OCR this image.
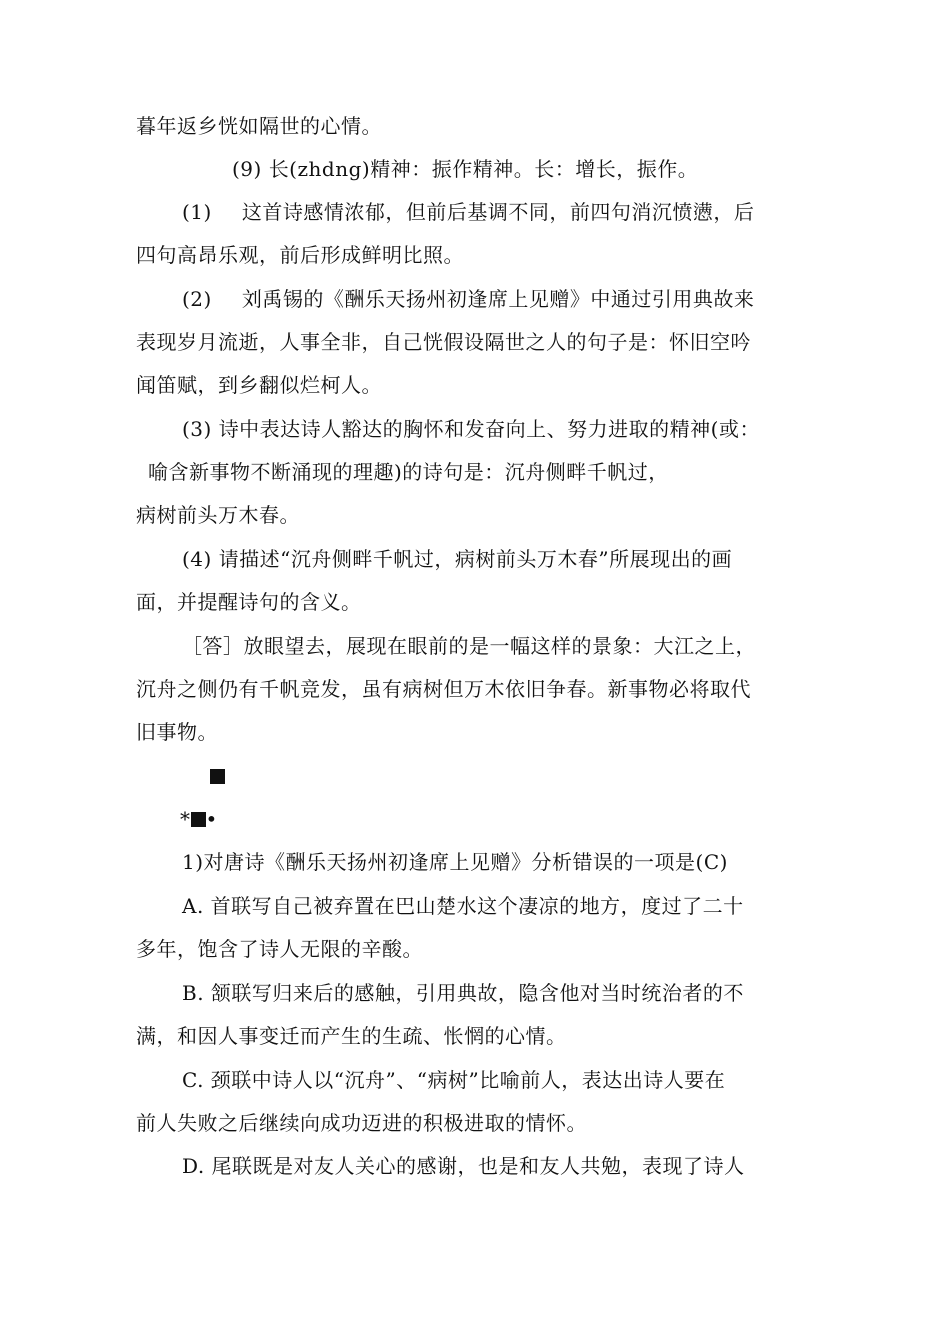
暮年返乡恍如隔世的心情。
(9) 长(zhdng)精神：振作精神。长：增长，振作。
(1) 这首诗感情浓郁，但前后基调不同，前四句消沉愤懑，后
四句高昂乐观，前后形成鲜明比照。
(2) 刘禹锡的《酬乐天扬州初逢席上见赠》中通过引用典故来
表现岁月流逝，人事全非，自己恍假设隔世之人的句子是：怀旧空吟
闻笛赋，到乡翻似烂柯人。
(3) 诗中表达诗人豁达的胸怀和发奋向上、努力进取的精神(或：
喻含新事物不断涌现的理趣)的诗句是：沉舟侧畔千帆过，
病树前头万木春。
(4) 请描述“沉舟侧畔千帆过，病树前头万木春”所展现出的画
面，并提醒诗句的含义。
［答］放眼望去，展现在眼前的是一幅这样的景象：大江之上，
沉舟之侧仍有千帆竞发，虽有病树但万木依旧争春。新事物必将取代
旧事物。
* •
1)对唐诗《酬乐天扬州初逢席上见赠》分析错误的一项是(C)
A. 首联写自己被弃置在巴山楚水这个凄凉的地方，度过了二十
多年，饱含了诗人无限的辛酸。
B. 颔联写归来后的感触，引用典故，隐含他对当时统治者的不
满，和因人事变迁而产生的生疏、怅惘的心情。
C. 颈联中诗人以“沉舟”、“病树”比喻前人，表达出诗人要在
前人失败之后继续向成功迈进的积极进取的情怀。
D. 尾联既是对友人关心的感谢，也是和友人共勉，表现了诗人
